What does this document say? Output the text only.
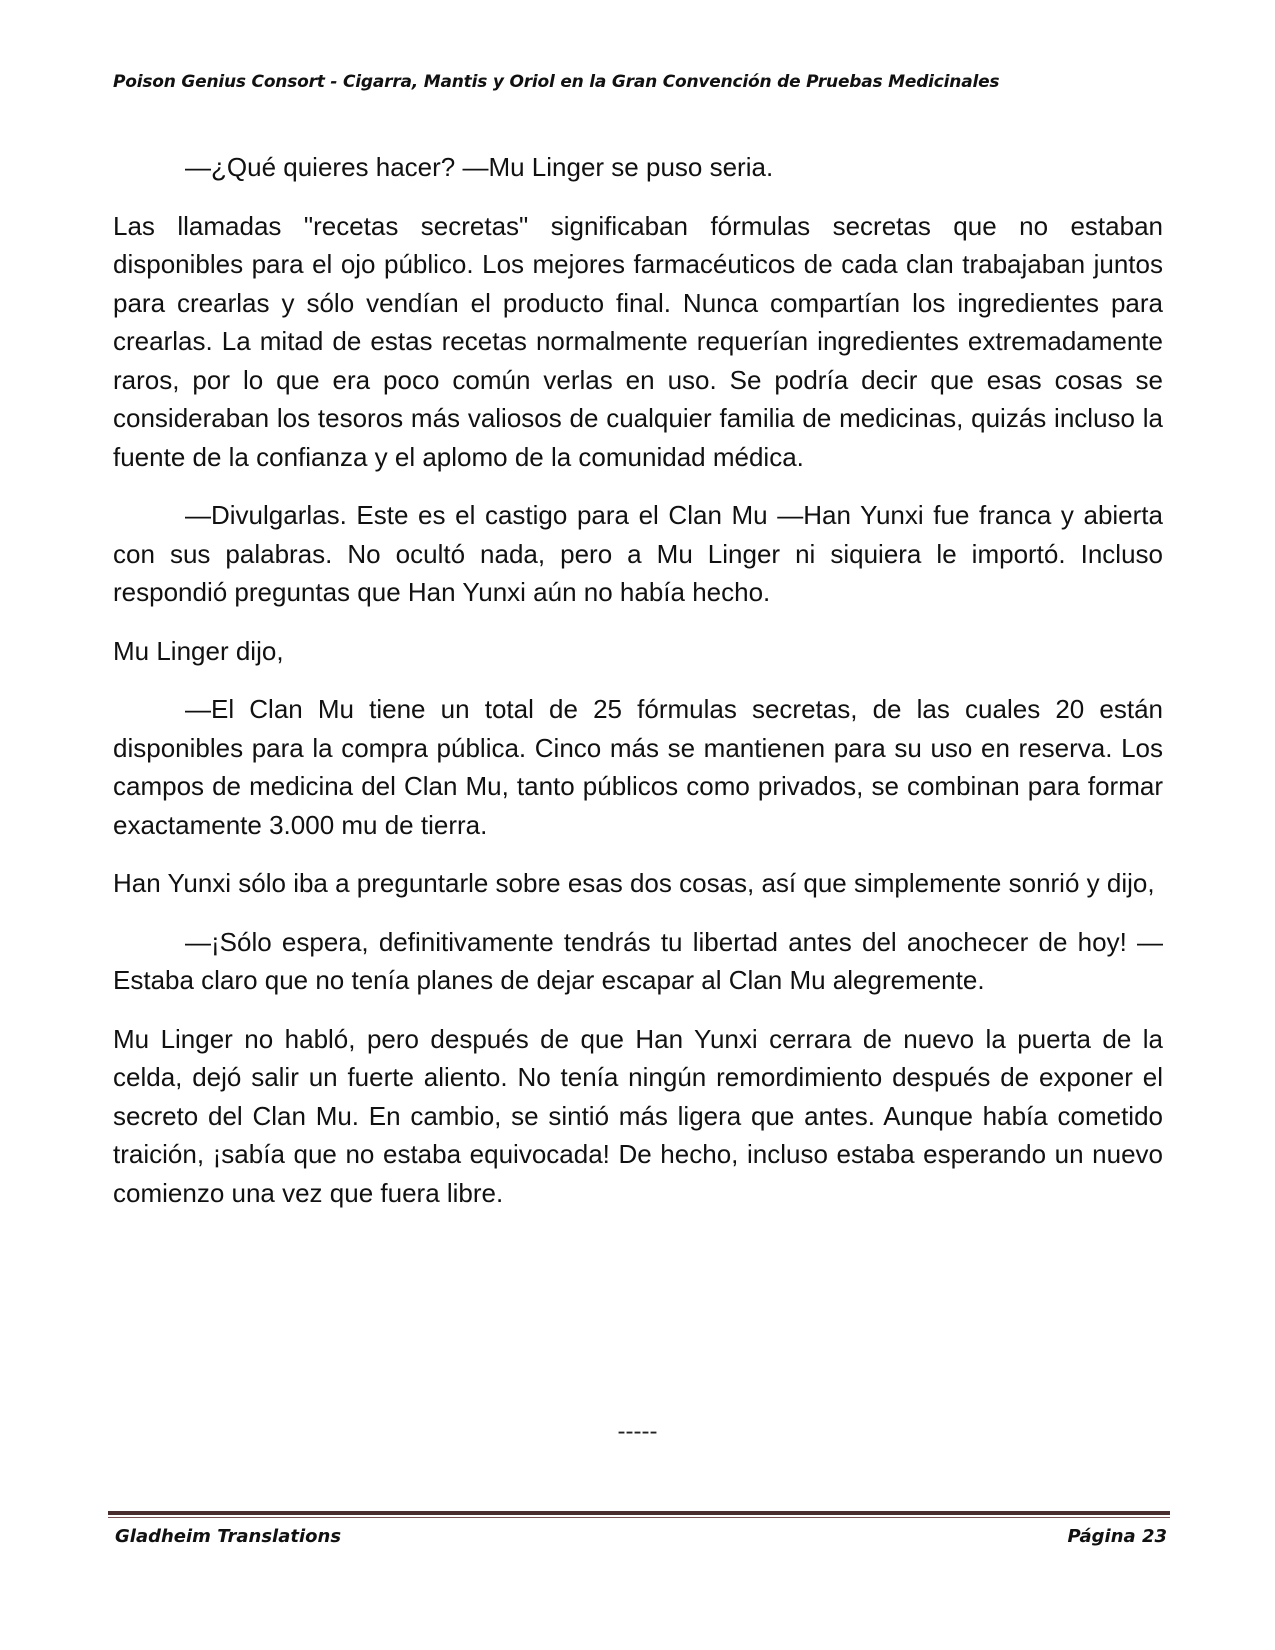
Poison Genius Consort - Cigarra, Mantis y Oriol en la Gran Convención de Pruebas Medicinales

—¿Qué quieres hacer? —Mu Linger se puso seria.

Las llamadas "recetas secretas" significaban fórmulas secretas que no estaban disponibles para el ojo público. Los mejores farmacéuticos de cada clan trabajaban juntos para crearlas y sólo vendían el producto final. Nunca compartían los ingredientes para crearlas. La mitad de estas recetas normalmente requerían ingredientes extremadamente raros, por lo que era poco común verlas en uso. Se podría decir que esas cosas se consideraban los tesoros más valiosos de cualquier familia de medicinas, quizás incluso la fuente de la confianza y el aplomo de la comunidad médica.

—Divulgarlas. Este es el castigo para el Clan Mu —Han Yunxi fue franca y abierta con sus palabras. No ocultó nada, pero a Mu Linger ni siquiera le importó. Incluso respondió preguntas que Han Yunxi aún no había hecho.

Mu Linger dijo,

—El Clan Mu tiene un total de 25 fórmulas secretas, de las cuales 20 están disponibles para la compra pública. Cinco más se mantienen para su uso en reserva. Los campos de medicina del Clan Mu, tanto públicos como privados, se combinan para formar exactamente 3.000 mu de tierra.

Han Yunxi sólo iba a preguntarle sobre esas dos cosas, así que simplemente sonrió y dijo,

—¡Sólo espera, definitivamente tendrás tu libertad antes del anochecer de hoy! —Estaba claro que no tenía planes de dejar escapar al Clan Mu alegremente.

Mu Linger no habló, pero después de que Han Yunxi cerrara de nuevo la puerta de la celda, dejó salir un fuerte aliento. No tenía ningún remordimiento después de exponer el secreto del Clan Mu. En cambio, se sintió más ligera que antes. Aunque había cometido traición, ¡sabía que no estaba equivocada! De hecho, incluso estaba esperando un nuevo comienzo una vez que fuera libre.

-----
Gladheim Translations	Página 23
